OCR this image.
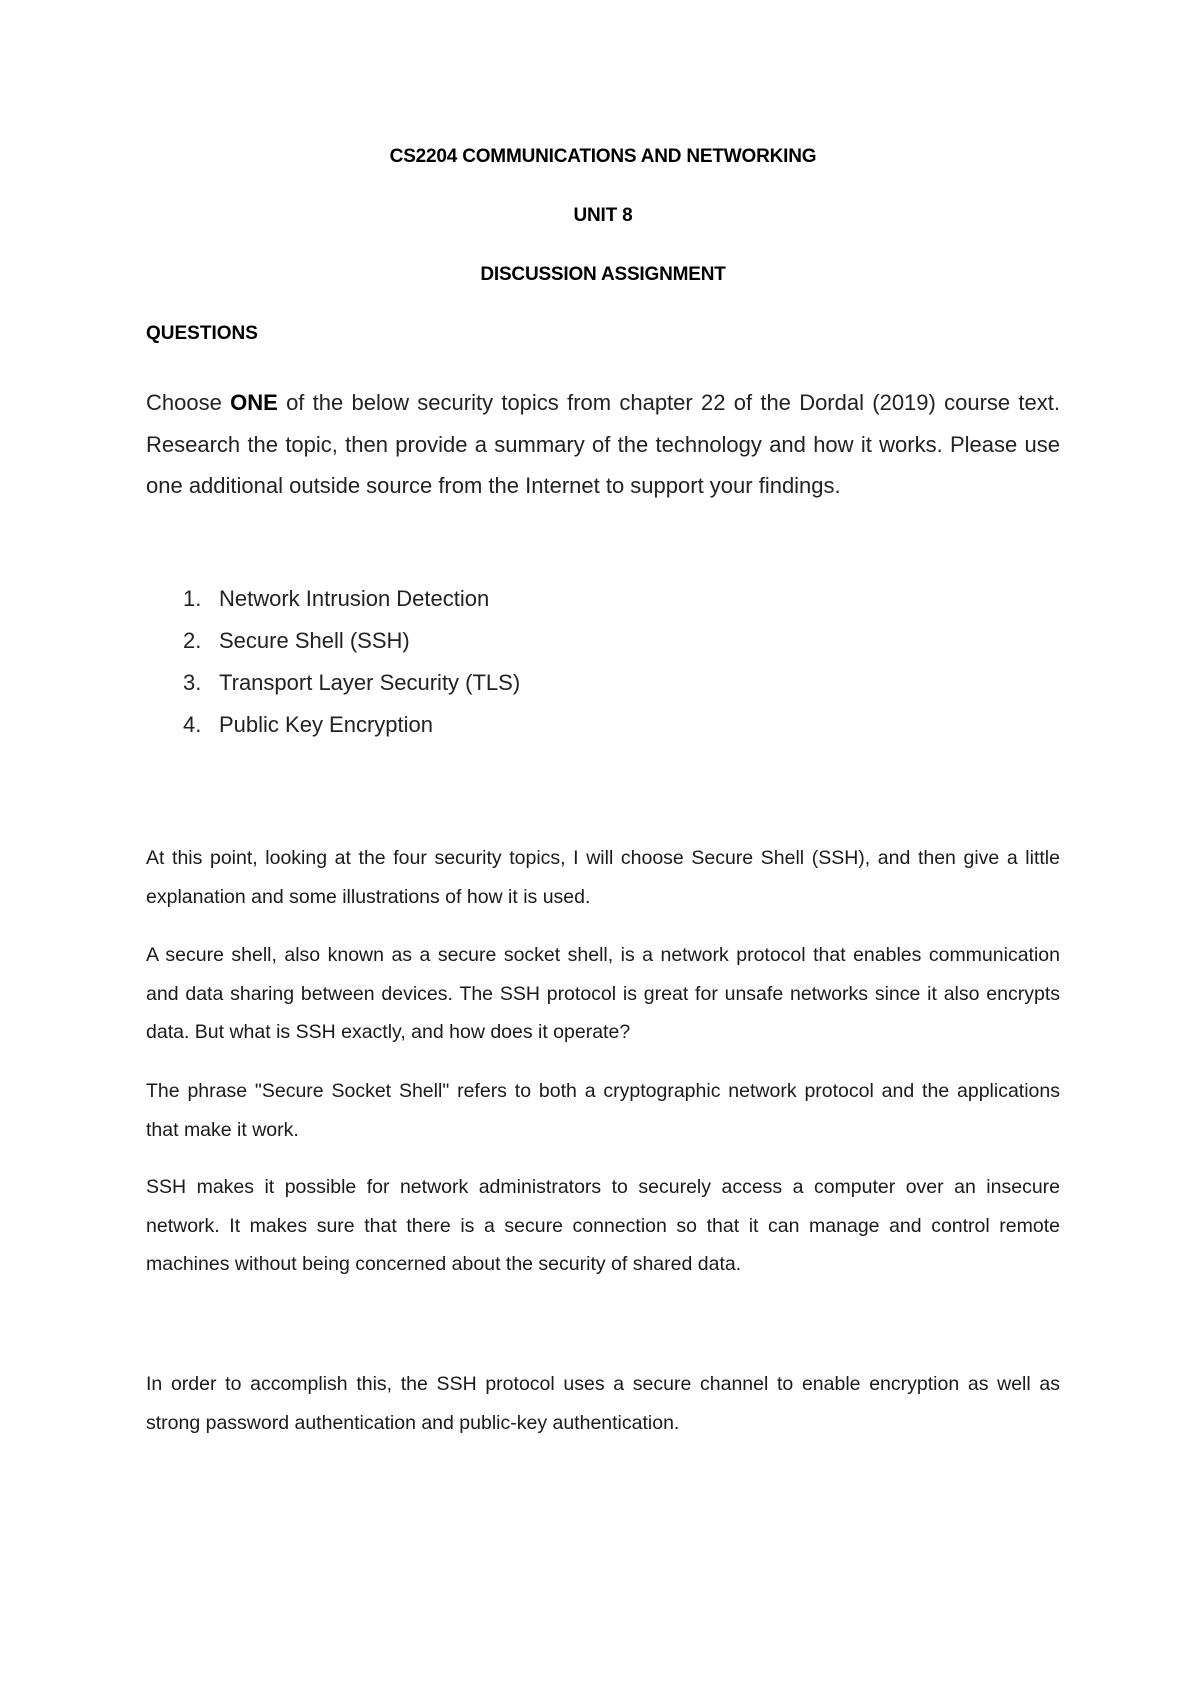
CS2204 COMMUNICATIONS AND NETWORKING

UNIT 8

DISCUSSION ASSIGNMENT

QUESTIONS

Choose ONE of the below security topics from chapter 22 of the Dordal (2019) course text. Research the topic, then provide a summary of the technology and how it works. Please use one additional outside source from the Internet to support your findings.

1. Network Intrusion Detection
2. Secure Shell (SSH)
3. Transport Layer Security (TLS)
4. Public Key Encryption

At this point, looking at the four security topics, I will choose Secure Shell (SSH), and then give a little explanation and some illustrations of how it is used.

A secure shell, also known as a secure socket shell, is a network protocol that enables communication and data sharing between devices. The SSH protocol is great for unsafe networks since it also encrypts data. But what is SSH exactly, and how does it operate?

The phrase "Secure Socket Shell" refers to both a cryptographic network protocol and the applications that make it work.

SSH makes it possible for network administrators to securely access a computer over an insecure network. It makes sure that there is a secure connection so that it can manage and control remote machines without being concerned about the security of shared data.

In order to accomplish this, the SSH protocol uses a secure channel to enable encryption as well as strong password authentication and public-key authentication.
